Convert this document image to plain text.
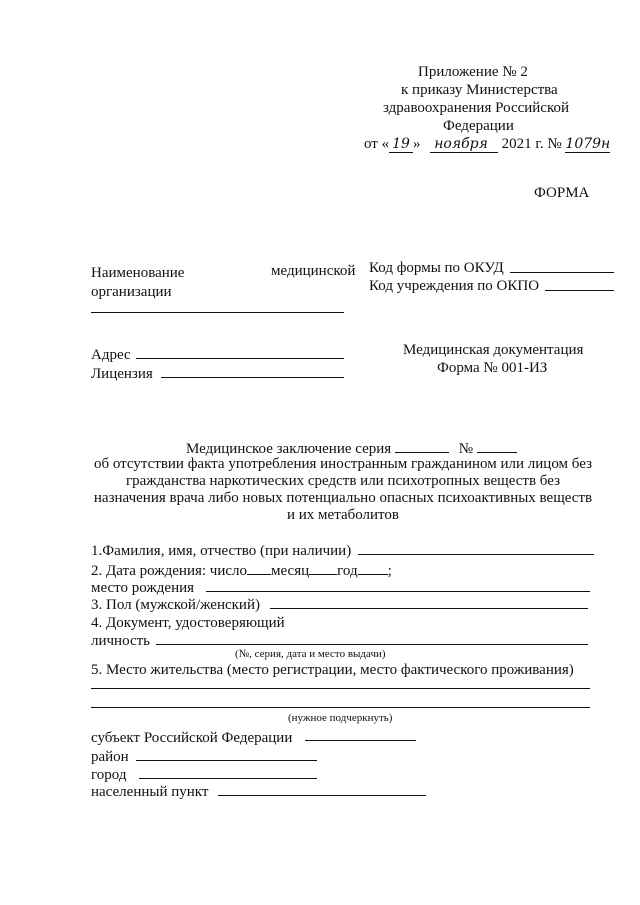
Приложение № 2
к приказу Министерства
здравоохранения Российской
Федерации
от « 19 » ноября 2021 г. № 1079н
ФОРМА
Наименование	медицинской
организации
Код формы по ОКУД
Код учреждения по ОКПО
Адрес
Лицензия
Медицинская документация
Форма № 001-ИЗ
Медицинское заключение серия	№
об отсутствии факта употребления иностранным гражданином или лицом без
гражданства наркотических средств или психотропных веществ без
назначения врача либо новых потенциально опасных психоактивных веществ
и их метаболитов
1.Фамилия, имя, отчество (при наличии)
2. Дата рождения: число месяц год ;
место рождения
3. Пол (мужской/женский)
4. Документ, удостоверяющий
личность
(№, серия, дата и место выдачи)
5. Место жительства (место регистрации, место фактического проживания)
(нужное подчеркнуть)
субъект Российской Федерации
район
город
населенный пункт
